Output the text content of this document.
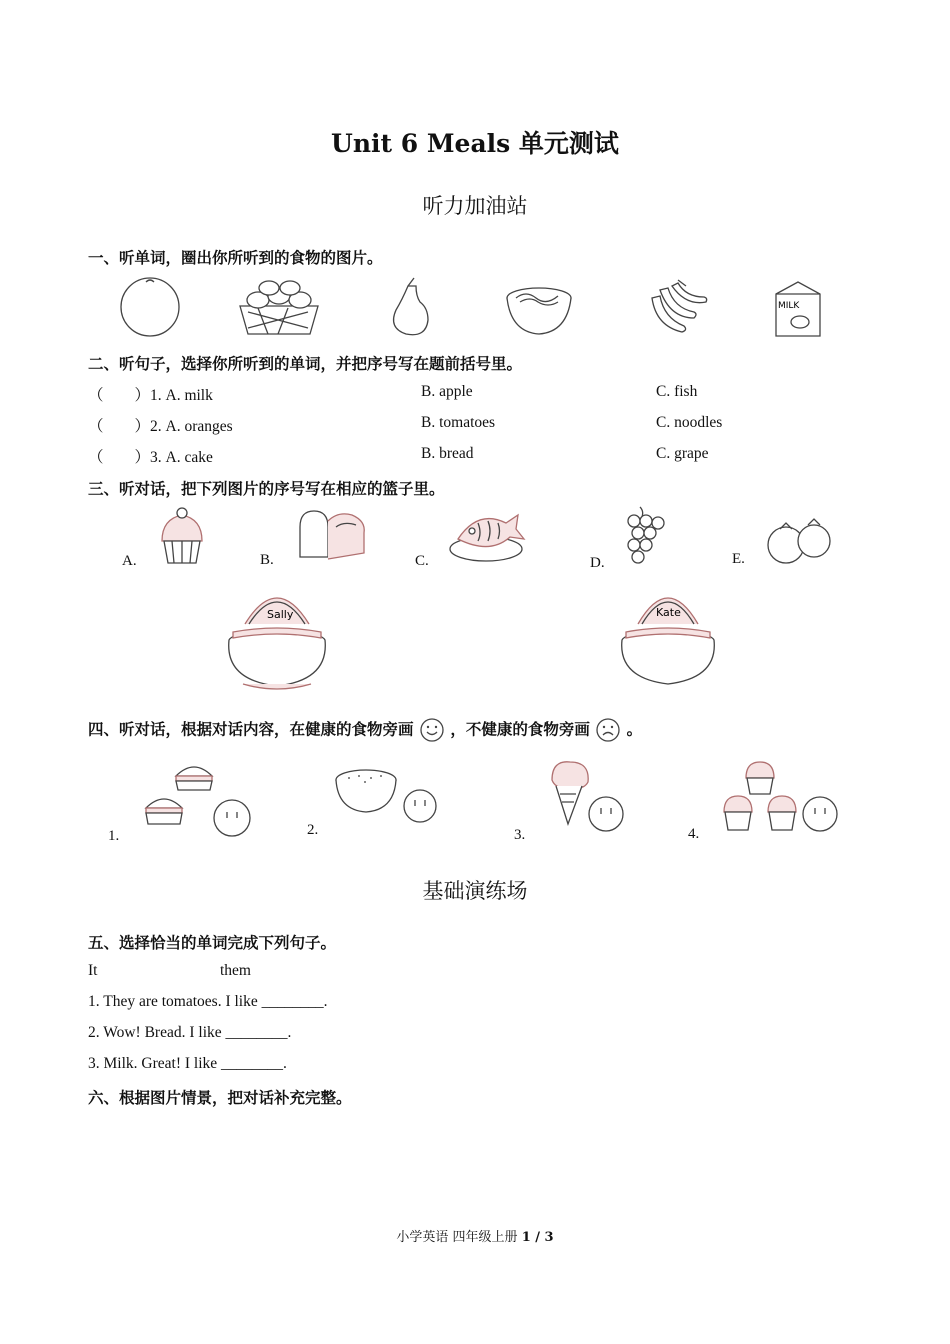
Unit 6 Meals 单元测试
听力加油站
一、听单词，圈出你所听到的食物的图片。
MILK
二、听句子，选择你所听到的单词，并把序号写在题前括号里。
（　　）1. A. milk	B. apple	C. fish
（　　）2. A. oranges	B. tomatoes	C. noodles
（　　）3. A. cake	B. bread	C. grape
三、听对话，把下列图片的序号写在相应的篮子里。
A.	B.	C.	D.	E.
Sally	Kate
四、听对话，根据对话内容，在健康的食物旁画 ，不健康的食物旁画 。
1.	2.	3.	4.
基础演练场
五、选择恰当的单词完成下列句子。
It	them
1. They are tomatoes. I like ________.
2. Wow! Bread. I like ________.
3. Milk. Great! I like ________.
六、根据图片情景，把对话补充完整。
小学英语 四年级上册 1 / 3
